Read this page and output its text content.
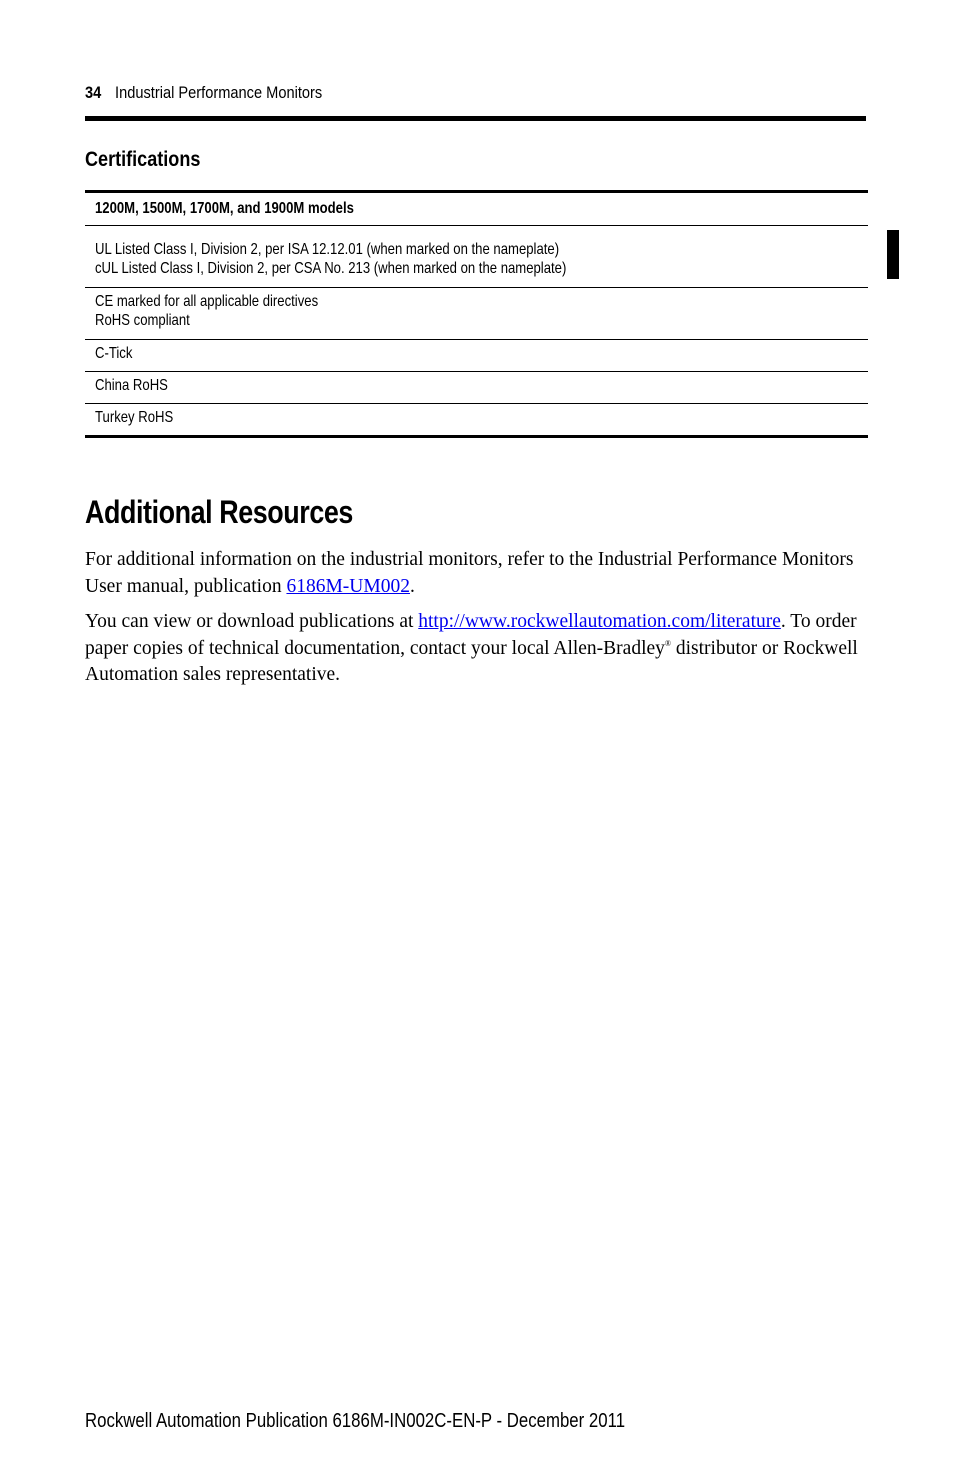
34 Industrial Performance Monitors
Certifications
1200M, 1500M, 1700M, and 1900M models
UL Listed Class I, Division 2, per ISA 12.12.01 (when marked on the nameplate)
cUL Listed Class I, Division 2, per CSA No. 213 (when marked on the nameplate)
CE marked for all applicable directives
RoHS compliant
C-Tick
China RoHS
Turkey RoHS
Additional Resources
For additional information on the industrial monitors, refer to the Industrial Performance Monitors User manual, publication 6186M-UM002.
You can view or download publications at http://www.rockwellautomation.com/literature. To order paper copies of technical documentation, contact your local Allen-Bradley® distributor or Rockwell Automation sales representative.
Rockwell Automation Publication 6186M-IN002C-EN-P - December 2011
